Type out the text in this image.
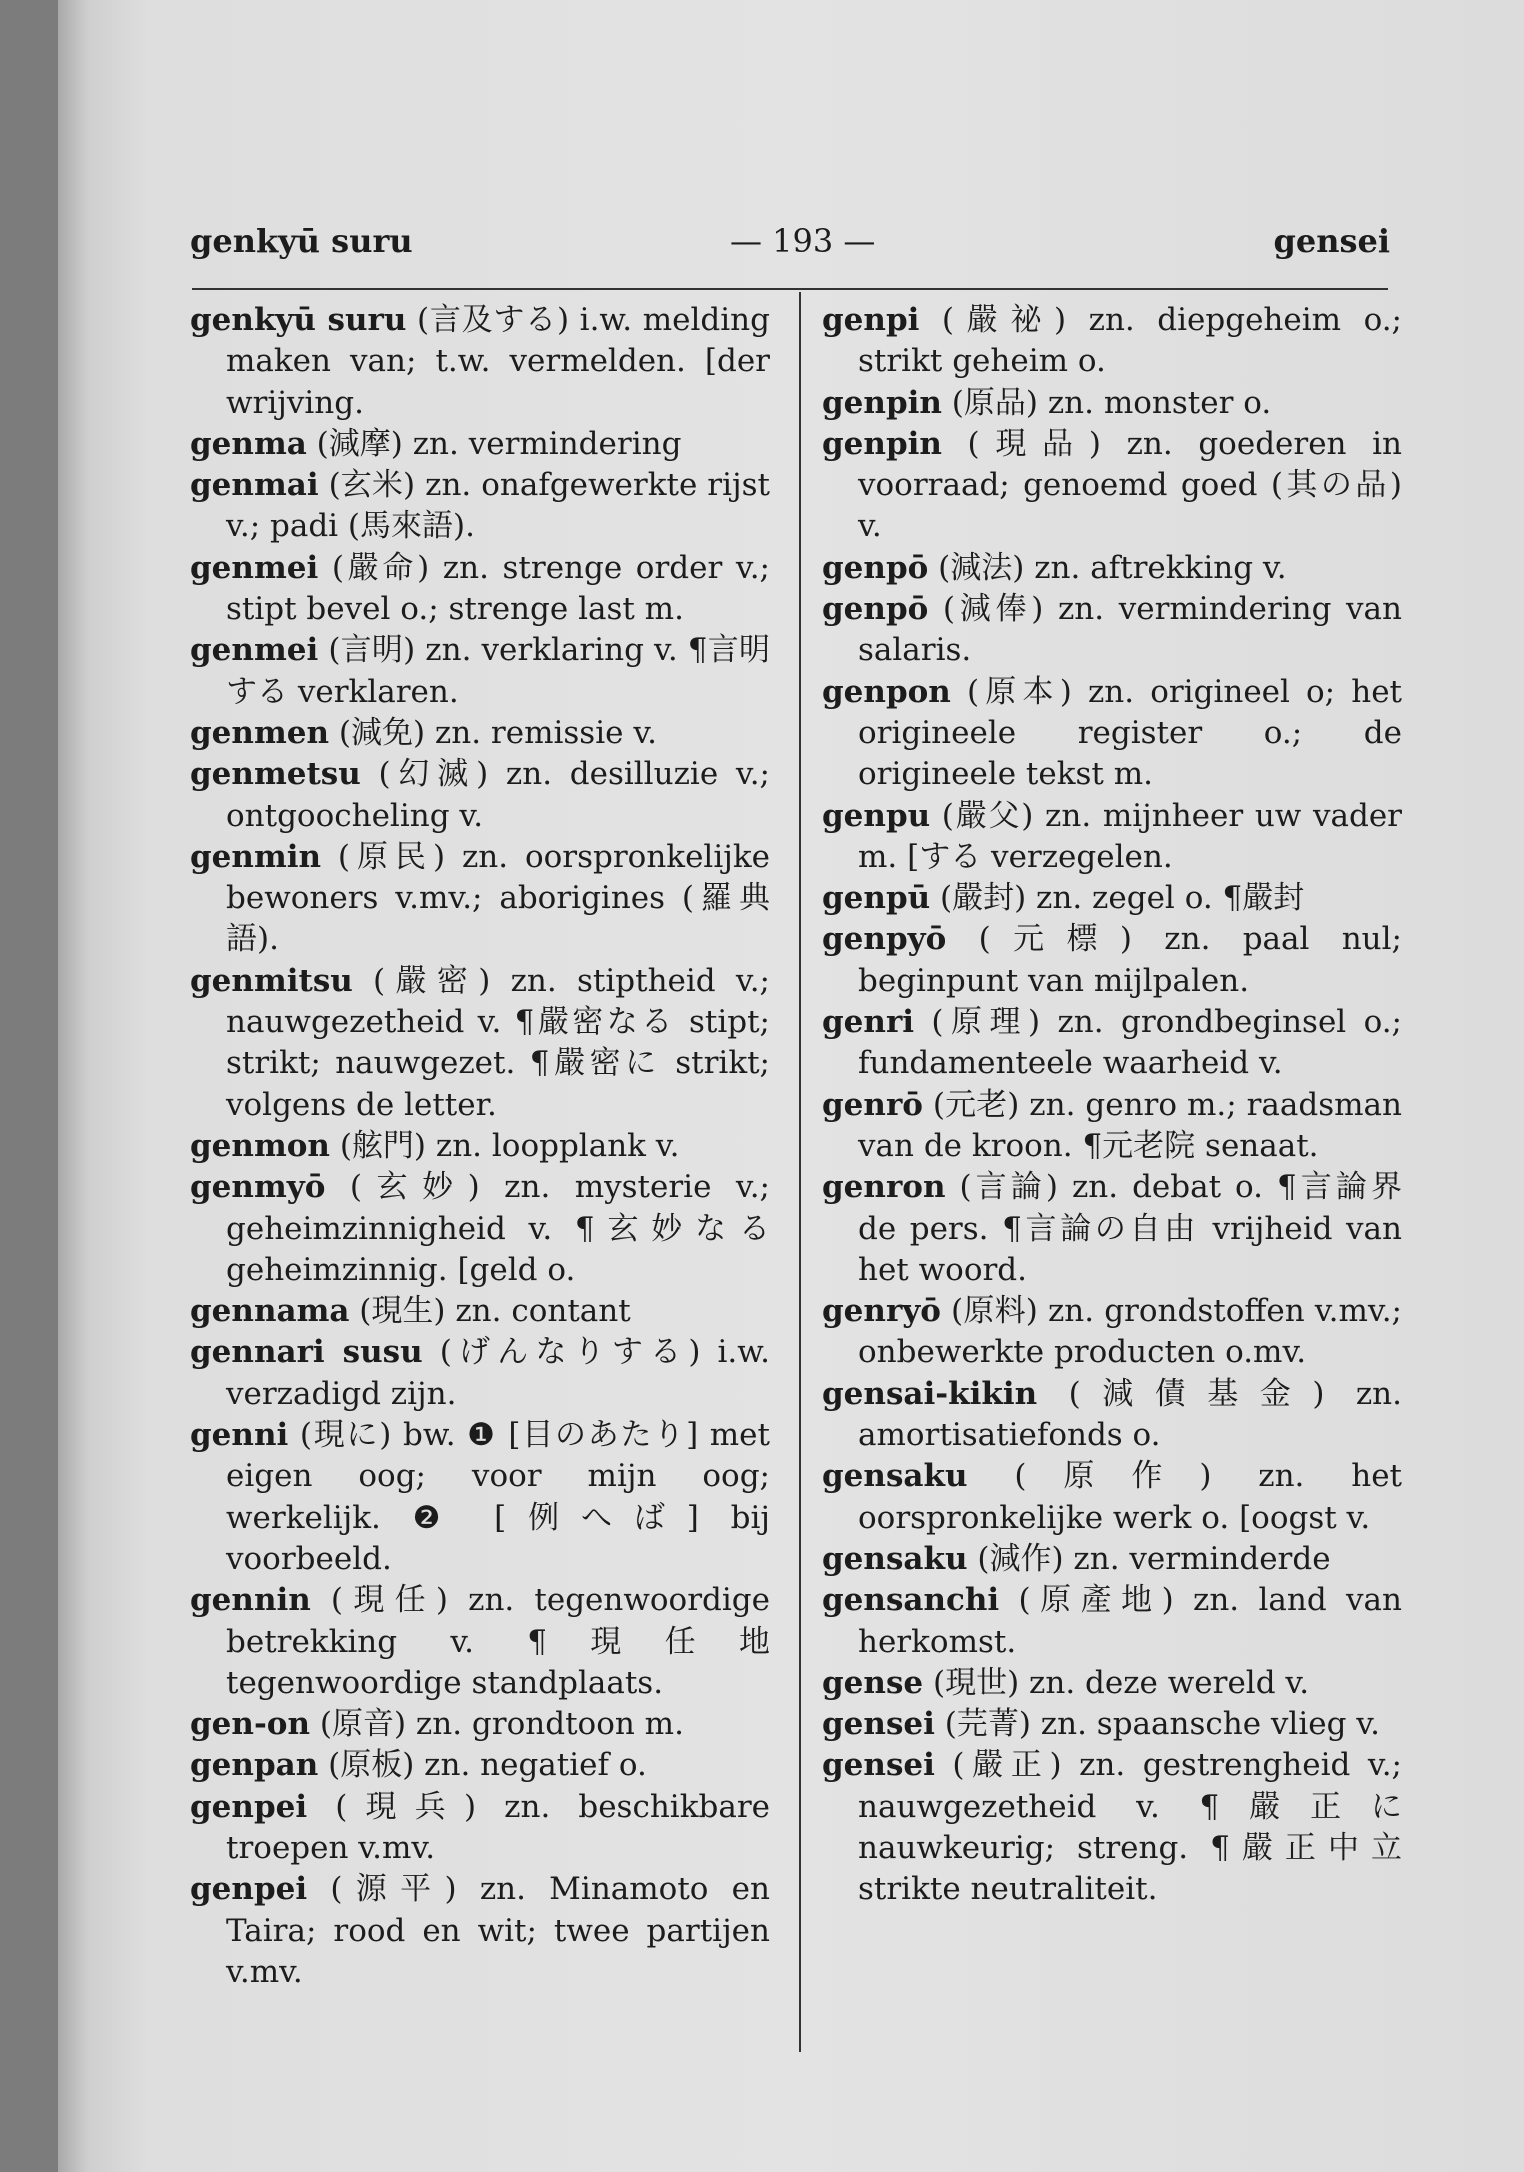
genkyū suru	— 193 —	gensei

genkyū suru (言及する) i.w. melding maken van; t.w. vermelden. [der wrijving.

genma (減摩) zn. vermindering

genmai (玄米) zn. onafgewerkte rijst v.; padi (馬來語).

genmei (嚴命) zn. strenge order v.; stipt bevel o.; strenge last m.

genmei (言明) zn. verklaring v. ¶言明する verklaren.

genmen (減免) zn. remissie v.

genmetsu (幻滅) zn. desilluzie v.; ontgoocheling v.

genmin (原民) zn. oorspronkelijke bewoners v.mv.; aborigines (羅典語).

genmitsu (嚴密) zn. stiptheid v.; nauwgezetheid v. ¶嚴密なる stipt; strikt; nauwgezet. ¶嚴密に strikt; volgens de letter.

genmon (舷門) zn. loopplank v.

genmyō (玄妙) zn. mysterie v.; geheimzinnigheid v. ¶玄妙なる geheimzinnig. [geld o.

gennama (現生) zn. contant

gennari susu (げんなりする) i.w. verzadigd zijn.

genni (現に) bw. ❶ [目のあたり] met eigen oog; voor mijn oog; werkelijk. ❷ [例へば] bij voorbeeld.

gennin (現任) zn. tegenwoordige betrekking v. ¶現任地 tegenwoordige standplaats.

gen-on (原音) zn. grondtoon m.

genpan (原板) zn. negatief o.

genpei (現兵) zn. beschikbare troepen v.mv.

genpei (源平) zn. Minamoto en Taira; rood en wit; twee partijen v.mv.

genpi (嚴祕) zn. diepgeheim o.; strikt geheim o.

genpin (原品) zn. monster o.

genpin (現品) zn. goederen in voorraad; genoemd goed (其の品) v.

genpō (減法) zn. aftrekking v.

genpō (減俸) zn. vermindering van salaris.

genpon (原本) zn. origineel o; het origineele register o.; de origineele tekst m.

genpu (嚴父) zn. mijnheer uw vader m. [する verzegelen.

genpū (嚴封) zn. zegel o. ¶嚴封

genpyō (元標) zn. paal nul; beginpunt van mijlpalen.

genri (原理) zn. grondbeginsel o.; fundamenteele waarheid v.

genrō (元老) zn. genro m.; raadsman van de kroon. ¶元老院 senaat.

genron (言論) zn. debat o. ¶言論界 de pers. ¶言論の自由 vrijheid van het woord.

genryō (原料) zn. grondstoffen v.mv.; onbewerkte producten o.mv.

gensai-kikin (減債基金) zn. amortisatiefonds o.

gensaku (原作) zn. het oorspronkelijke werk o. [oogst v.

gensaku (減作) zn. verminderde

gensanchi (原產地) zn. land van herkomst.

gense (現世) zn. deze wereld v.

gensei (芫菁) zn. spaansche vlieg v.

gensei (嚴正) zn. gestrengheid v.; nauwgezetheid v. ¶嚴正に nauwkeurig; streng. ¶嚴正中立 strikte neutraliteit.
